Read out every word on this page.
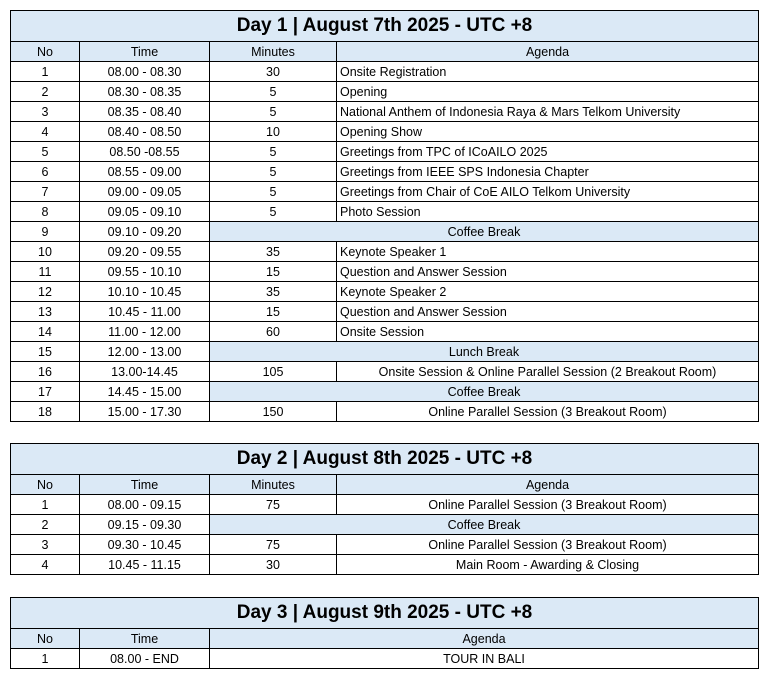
Day 1 | August 7th 2025 - UTC +8			
No	Time	Minutes	Agenda
1	08.00 - 08.30	30	Onsite Registration
2	08.30 - 08.35	5	Opening
3	08.35 - 08.40	5	National Anthem of Indonesia Raya & Mars Telkom University
4	08.40 - 08.50	10	Opening Show
5	08.50 -08.55	5	Greetings from TPC of ICoAILO 2025
6	08.55 - 09.00	5	Greetings from IEEE SPS Indonesia Chapter
7	09.00 - 09.05	5	Greetings from Chair of CoE AILO Telkom University
8	09.05 - 09.10	5	Photo Session
9	09.10 - 09.20	Coffee Break	
10	09.20 - 09.55	35	Keynote Speaker 1
11	09.55 - 10.10	15	Question and Answer Session
12	10.10 - 10.45	35	Keynote Speaker 2
13	10.45 - 11.00	15	Question and Answer Session
14	11.00 - 12.00	60	Onsite Session
15	12.00 - 13.00	Lunch Break	
16	13.00-14.45	105	Onsite Session & Online Parallel Session (2 Breakout Room)
17	14.45 - 15.00	Coffee Break	
18	15.00 - 17.30	150	Online Parallel Session (3 Breakout Room)
Day 2 | August 8th 2025 - UTC +8			
No	Time	Minutes	Agenda
1	08.00 - 09.15	75	Online Parallel Session (3 Breakout Room)
2	09.15 - 09.30	Coffee Break	
3	09.30 - 10.45	75	Online Parallel Session (3 Breakout Room)
4	10.45 - 11.15	30	Main Room - Awarding & Closing
Day 3 | August 9th 2025 - UTC +8		
No	Time	Agenda
1	08.00 - END	TOUR IN BALI
